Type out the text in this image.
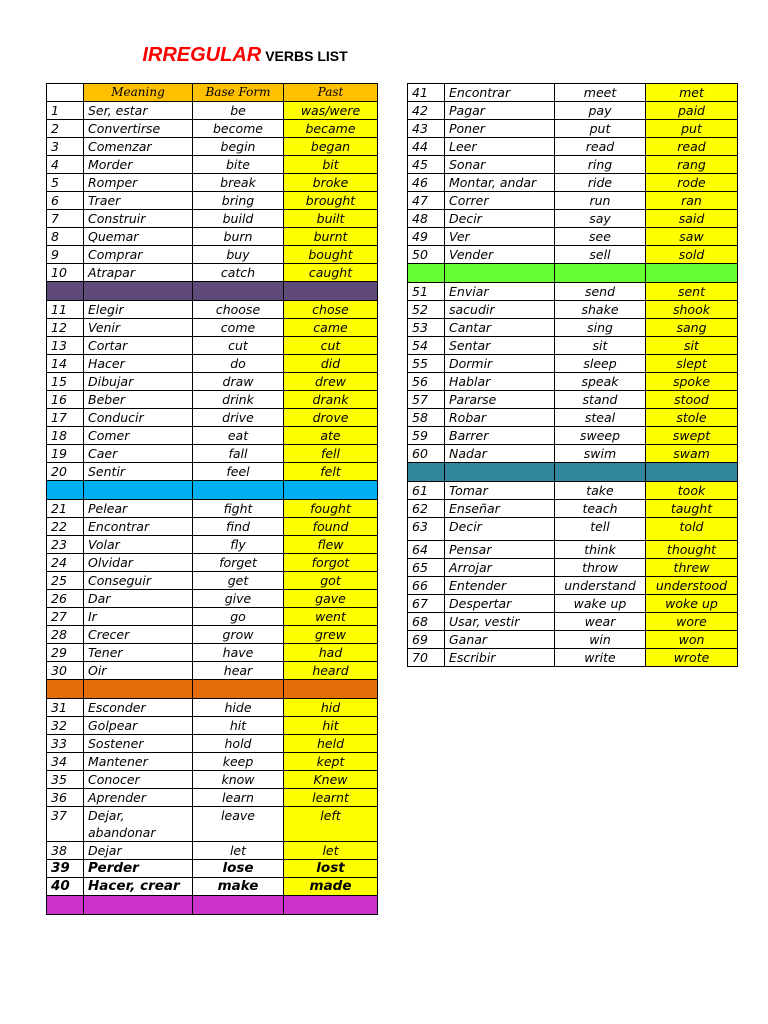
IRREGULAR VERBS LIST
	Meaning	Base Form	Past
1	Ser, estar	be	was/were
2	Convertirse	become	became
3	Comenzar	begin	began
4	Morder	bite	bit
5	Romper	break	broke
6	Traer	bring	brought
7	Construir	build	built
8	Quemar	burn	burnt
9	Comprar	buy	bought
10	Atrapar	catch	caught

11	Elegir	choose	chose
12	Venir	come	came
13	Cortar	cut	cut
14	Hacer	do	did
15	Dibujar	draw	drew
16	Beber	drink	drank
17	Conducir	drive	drove
18	Comer	eat	ate
19	Caer	fall	fell
20	Sentir	feel	felt

21	Pelear	fight	fought
22	Encontrar	find	found
23	Volar	fly	flew
24	Olvidar	forget	forgot
25	Conseguir	get	got
26	Dar	give	gave
27	Ir	go	went
28	Crecer	grow	grew
29	Tener	have	had
30	Oir	hear	heard

31	Esconder	hide	hid
32	Golpear	hit	hit
33	Sostener	hold	held
34	Mantener	keep	kept
35	Conocer	know	Knew
36	Aprender	learn	learnt
37	Dejar, abandonar	leave	left
38	Dejar	let	let
39	Perder	lose	lost
40	Hacer, crear	make	made

41	Encontrar	meet	met
42	Pagar	pay	paid
43	Poner	put	put
44	Leer	read	read
45	Sonar	ring	rang
46	Montar, andar	ride	rode
47	Correr	run	ran
48	Decir	say	said
49	Ver	see	saw
50	Vender	sell	sold

51	Enviar	send	sent
52	sacudir	shake	shook
53	Cantar	sing	sang
54	Sentar	sit	sit
55	Dormir	sleep	slept
56	Hablar	speak	spoke
57	Pararse	stand	stood
58	Robar	steal	stole
59	Barrer	sweep	swept
60	Nadar	swim	swam

61	Tomar	take	took
62	Enseñar	teach	taught
63	Decir	tell	told
64	Pensar	think	thought
65	Arrojar	throw	threw
66	Entender	understand	understood
67	Despertar	wake up	woke up
68	Usar, vestir	wear	wore
69	Ganar	win	won
70	Escribir	write	wrote
